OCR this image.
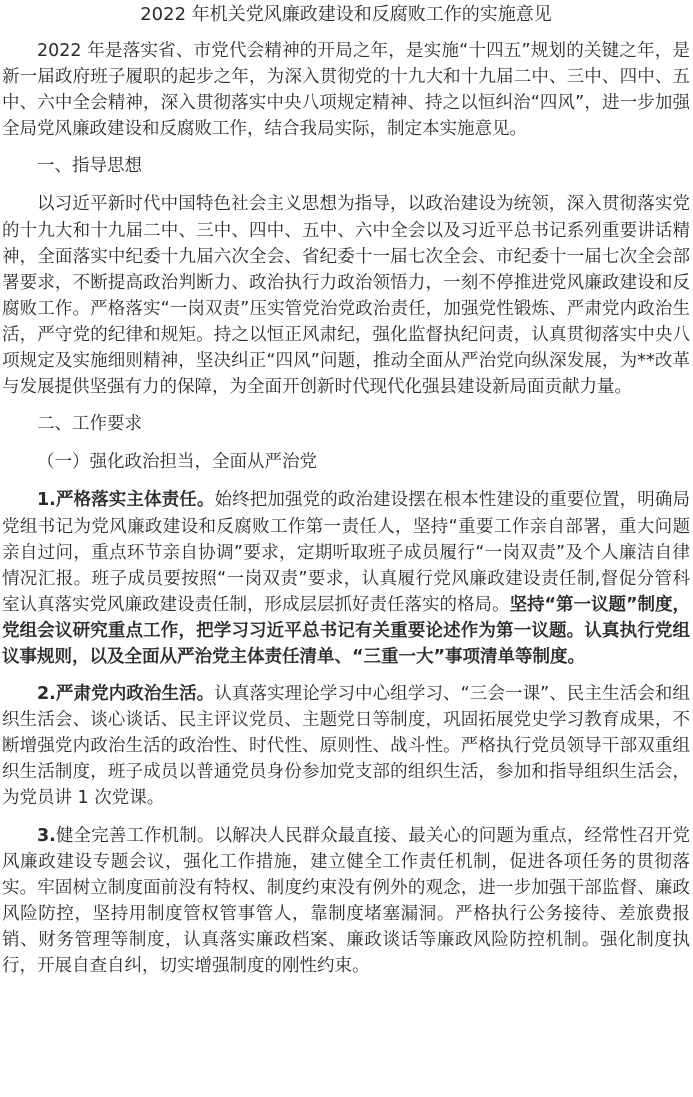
2022 年机关党风廉政建设和反腐败工作的实施意见

2022 年是落实省、市党代会精神的开局之年，是实施“十四五”规划的关键之年，是新一届政府班子履职的起步之年，为深入贯彻党的十九大和十九届二中、三中、四中、五中、六中全会精神，深入贯彻落实中央八项规定精神、持之以恒纠治“四风”，进一步加强全局党风廉政建设和反腐败工作，结合我局实际，制定本实施意见。

一、指导思想

以习近平新时代中国特色社会主义思想为指导，以政治建设为统领，深入贯彻落实党的十九大和十九届二中、三中、四中、五中、六中全会以及习近平总书记系列重要讲话精神，全面落实中纪委十九届六次全会、省纪委十一届七次全会、市纪委十一届七次全会部署要求，不断提高政治判断力、政治执行力政治领悟力，一刻不停推进党风廉政建设和反腐败工作。严格落实“一岗双责”压实管党治党政治责任，加强党性锻炼、严肃党内政治生活，严守党的纪律和规矩。持之以恒正风肃纪，强化监督执纪问责，认真贯彻落实中央八项规定及实施细则精神，坚决纠正“四风”问题，推动全面从严治党向纵深发展，为**改革与发展提供坚强有力的保障，为全面开创新时代现代化强县建设新局面贡献力量。

二、工作要求

（一）强化政治担当，全面从严治党

1.严格落实主体责任。始终把加强党的政治建设摆在根本性建设的重要位置，明确局党组书记为党风廉政建设和反腐败工作第一责任人，坚持“重要工作亲自部署，重大问题亲自过问，重点环节亲自协调”要求，定期听取班子成员履行“一岗双责”及个人廉洁自律情况汇报。班子成员要按照“一岗双责”要求，认真履行党风廉政建设责任制,督促分管科室认真落实党风廉政建设责任制，形成层层抓好责任落实的格局。坚持“第一议题”制度，党组会议研究重点工作，把学习习近平总书记有关重要论述作为第一议题。认真执行党组议事规则，以及全面从严治党主体责任清单、“三重一大”事项清单等制度。

2.严肃党内政治生活。认真落实理论学习中心组学习、“三会一课”、民主生活会和组织生活会、谈心谈话、民主评议党员、主题党日等制度，巩固拓展党史学习教育成果，不断增强党内政治生活的政治性、时代性、原则性、战斗性。严格执行党员领导干部双重组织生活制度，班子成员以普通党员身份参加党支部的组织生活，参加和指导组织生活会，为党员讲 1 次党课。

3.健全完善工作机制。以解决人民群众最直接、最关心的问题为重点，经常性召开党风廉政建设专题会议，强化工作措施，建立健全工作责任机制，促进各项任务的贯彻落实。牢固树立制度面前没有特权、制度约束没有例外的观念，进一步加强干部监督、廉政风险防控，坚持用制度管权管事管人，靠制度堵塞漏洞。严格执行公务接待、差旅费报销、财务管理等制度，认真落实廉政档案、廉政谈话等廉政风险防控机制。强化制度执行，开展自查自纠，切实增强制度的刚性约束。
